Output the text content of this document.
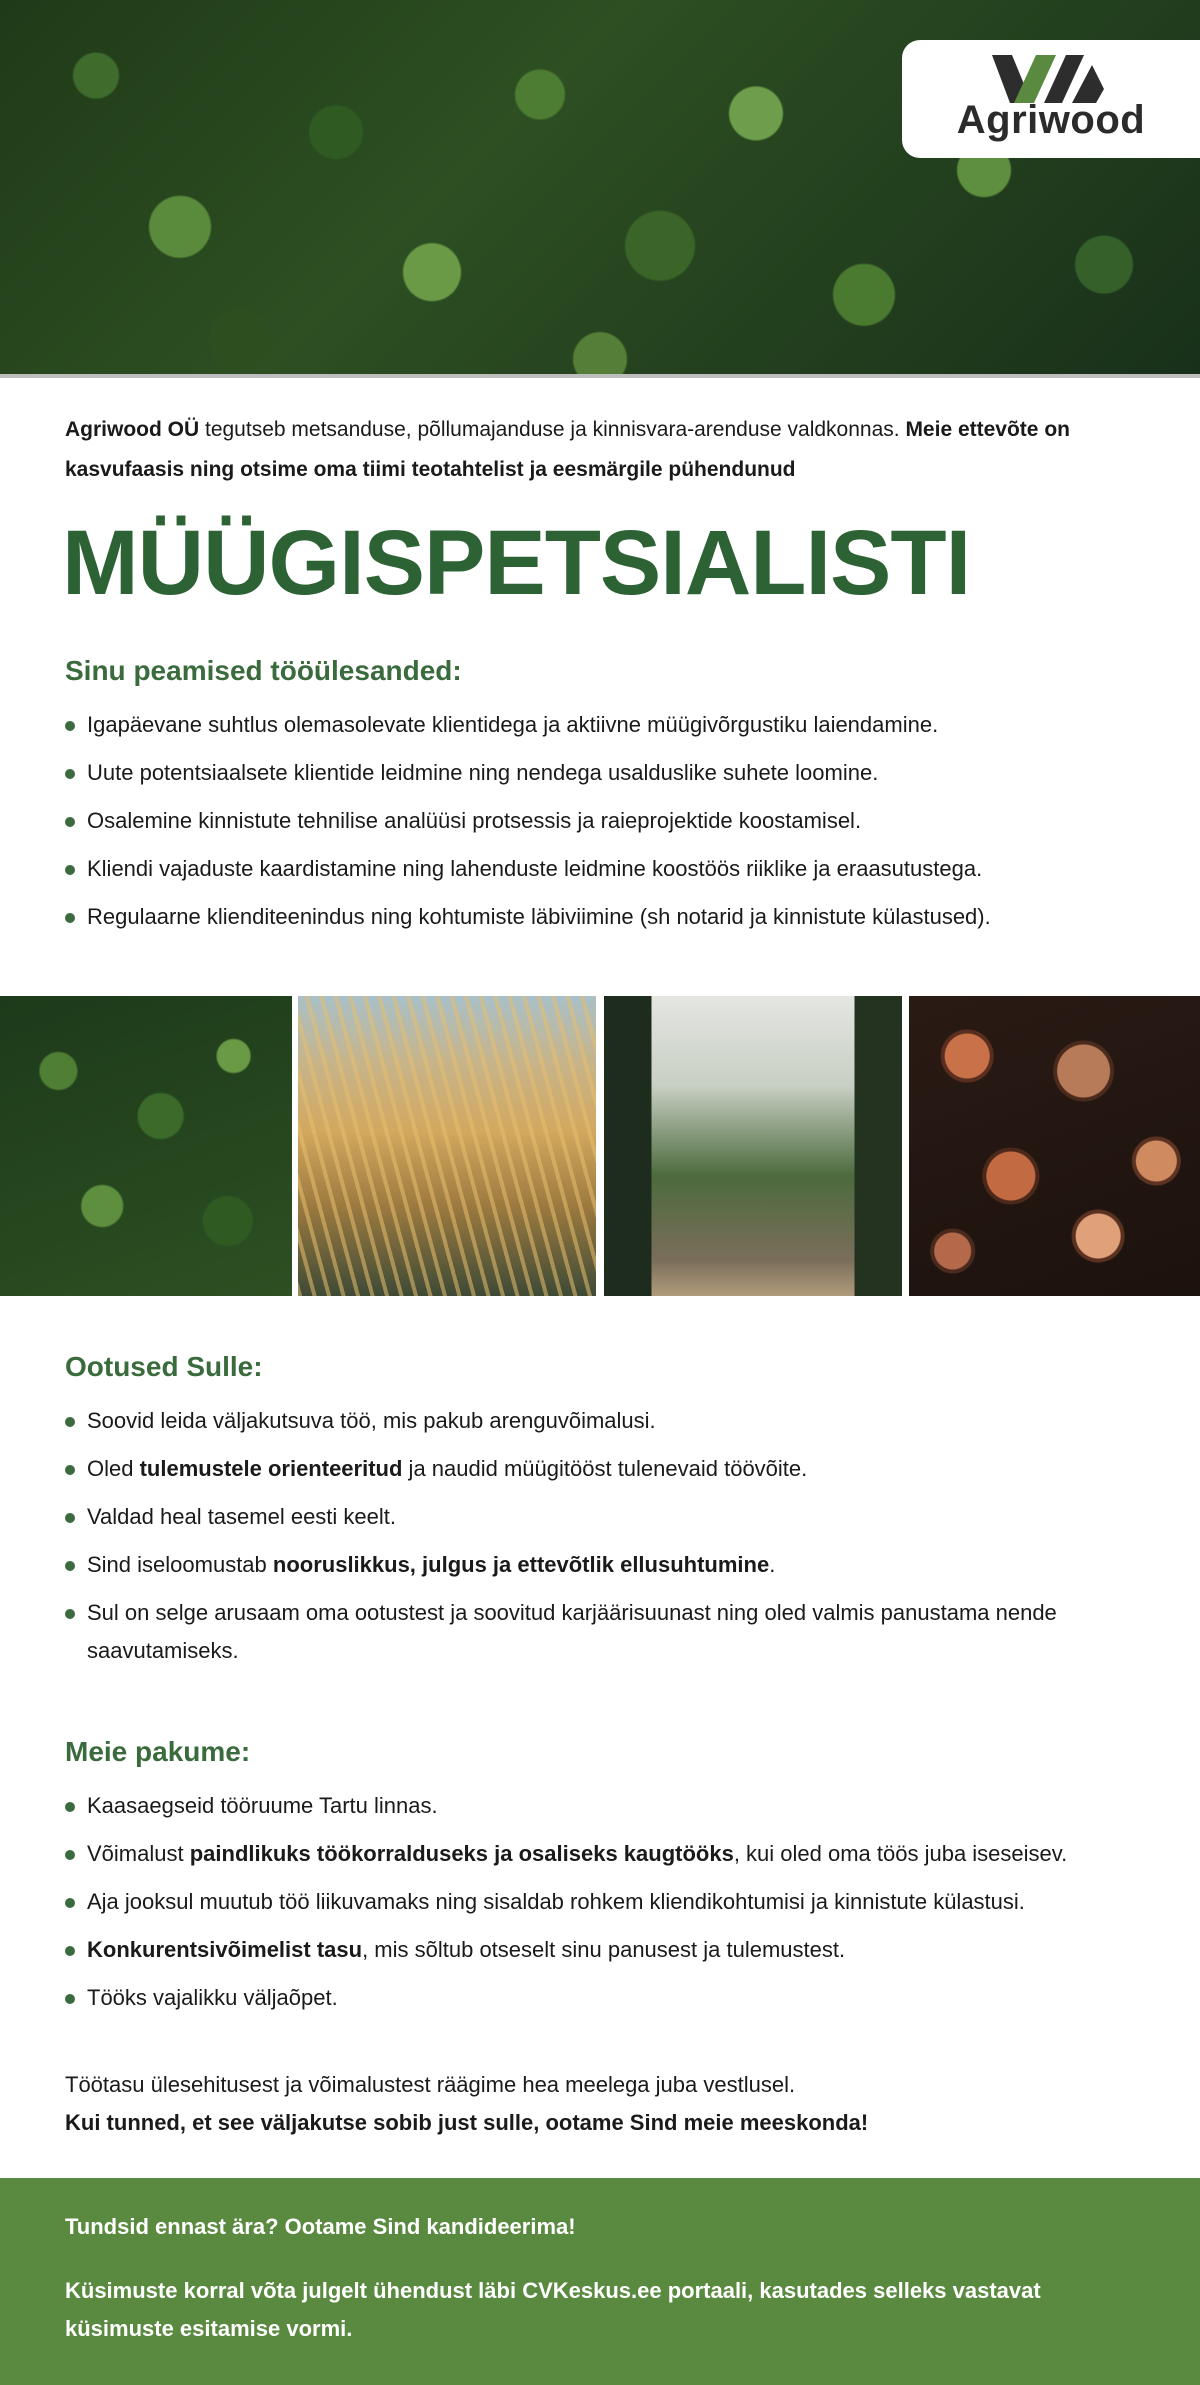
Agriwood
Agriwood OÜ tegutseb metsanduse, põllumajanduse ja kinnisvara-arenduse valdkonnas. Meie ettevõte on kasvufaasis ning otsime oma tiimi teotahtelist ja eesmärgile pühendunud
MÜÜGISPETSIALISTI
Sinu peamised tööülesanded:
Igapäevane suhtlus olemasolevate klientidega ja aktiivne müügivõrgustiku laiendamine.
Uute potentsiaalsete klientide leidmine ning nendega usalduslike suhete loomine.
Osalemine kinnistute tehnilise analüüsi protsessis ja raieprojektide koostamisel.
Kliendi vajaduste kaardistamine ning lahenduste leidmine koostöös riiklike ja eraasutustega.
Regulaarne klienditeenindus ning kohtumiste läbiviimine (sh notarid ja kinnistute külastused).
Ootused Sulle:
Soovid leida väljakutsuva töö, mis pakub arenguvõimalusi.
Oled tulemustele orienteeritud ja naudid müügitööst tulenevaid töövõite.
Valdad heal tasemel eesti keelt.
Sind iseloomustab nooruslikkus, julgus ja ettevõtlik ellusuhtumine.
Sul on selge arusaam oma ootustest ja soovitud karjäärisuunast ning oled valmis panustama nende saavutamiseks.
Meie pakume:
Kaasaegseid tööruume Tartu linnas.
Võimalust paindlikuks töökorralduseks ja osaliseks kaugtööks, kui oled oma töös juba iseseisev.
Aja jooksul muutub töö liikuvamaks ning sisaldab rohkem kliendikohtumisi ja kinnistute külastusi.
Konkurentsivõimelist tasu, mis sõltub otseselt sinu panusest ja tulemustest.
Tööks vajalikku väljaõpet.
Töötasu ülesehitusest ja võimalustest räägime hea meelega juba vestlusel.
Kui tunned, et see väljakutse sobib just sulle, ootame Sind meie meeskonda!
Tundsid ennast ära? Ootame Sind kandideerima!
Küsimuste korral võta julgelt ühendust läbi CVKeskus.ee portaali, kasutades selleks vastavat küsimuste esitamise vormi.
